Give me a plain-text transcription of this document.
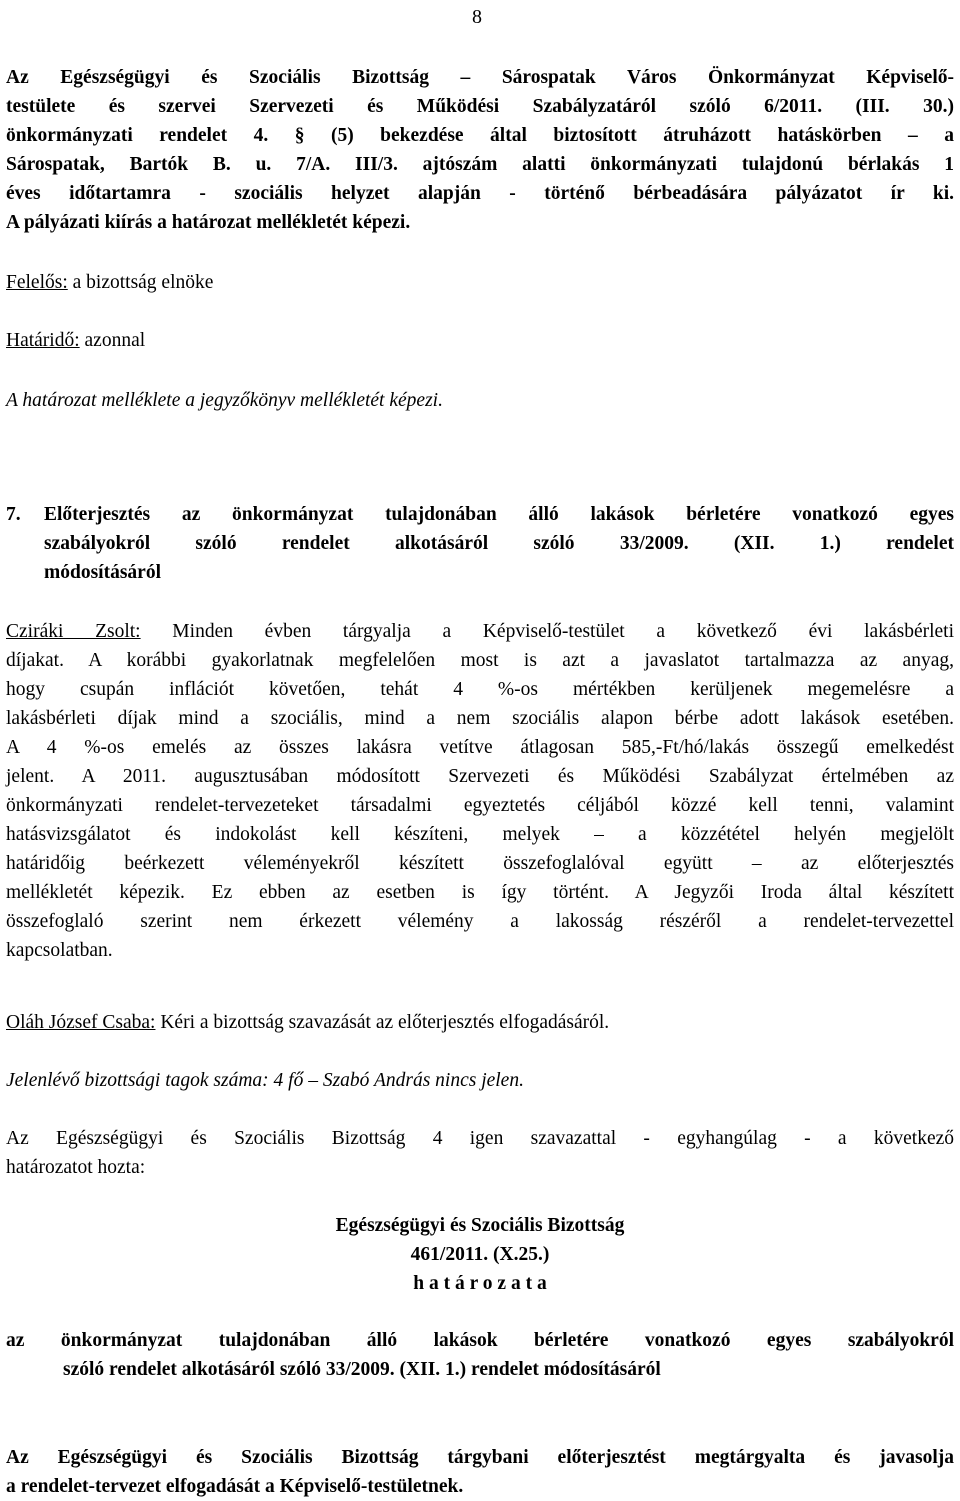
8
Az Egészségügyi és Szociális Bizottság – Sárospatak Város Önkormányzat Képviselő-
testülete és szervei Szervezeti és Működési Szabályzatáról szóló 6/2011. (III. 30.)
önkormányzati rendelet 4. § (5) bekezdése által biztosított átruházott hatáskörben – a
Sárospatak, Bartók B. u. 7/A. III/3. ajtószám alatti önkormányzati tulajdonú bérlakás 1
éves időtartamra - szociális helyzet alapján - történő bérbeadására pályázatot ír ki.
A pályázati kiírás a határozat mellékletét képezi.
Felelős: a bizottság elnöke
Határidő: azonnal
A határozat melléklete a jegyzőkönyv mellékletét képezi.
7. Előterjesztés az önkormányzat tulajdonában álló lakások bérletére vonatkozó egyes
szabályokról szóló rendelet alkotásáról szóló 33/2009. (XII. 1.) rendelet
módosításáról
Cziráki Zsolt: Minden évben tárgyalja a Képviselő-testület a következő évi lakásbérleti
díjakat. A korábbi gyakorlatnak megfelelően most is azt a javaslatot tartalmazza az anyag,
hogy csupán inflációt követően, tehát 4 %-os mértékben kerüljenek megemelésre a
lakásbérleti díjak mind a szociális, mind a nem szociális alapon bérbe adott lakások esetében.
A 4 %-os emelés az összes lakásra vetítve átlagosan 585,-Ft/hó/lakás összegű emelkedést
jelent. A 2011. augusztusában módosított Szervezeti és Működési Szabályzat értelmében az
önkormányzati rendelet-tervezeteket társadalmi egyeztetés céljából közzé kell tenni, valamint
hatásvizsgálatot és indokolást kell készíteni, melyek – a közzététel helyén megjelölt
határidőig beérkezett véleményekről készített összefoglalóval együtt – az előterjesztés
mellékletét képezik. Ez ebben az esetben is így történt. A Jegyzői Iroda által készített
összefoglaló szerint nem érkezett vélemény a lakosság részéről a rendelet-tervezettel
kapcsolatban.
Oláh József Csaba: Kéri a bizottság szavazását az előterjesztés elfogadásáról.
Jelenlévő bizottsági tagok száma: 4 fő – Szabó András nincs jelen.
Az Egészségügyi és Szociális Bizottság 4 igen szavazattal - egyhangúlag - a következő
határozatot hozta:
Egészségügyi és Szociális Bizottság
461/2011. (X.25.)
h a t á r o z a t a
az önkormányzat tulajdonában álló lakások bérletére vonatkozó egyes szabályokról
szóló rendelet alkotásáról szóló 33/2009. (XII. 1.) rendelet módosításáról
Az Egészségügyi és Szociális Bizottság tárgybani előterjesztést megtárgyalta és javasolja
a rendelet-tervezet elfogadását a Képviselő-testületnek.
